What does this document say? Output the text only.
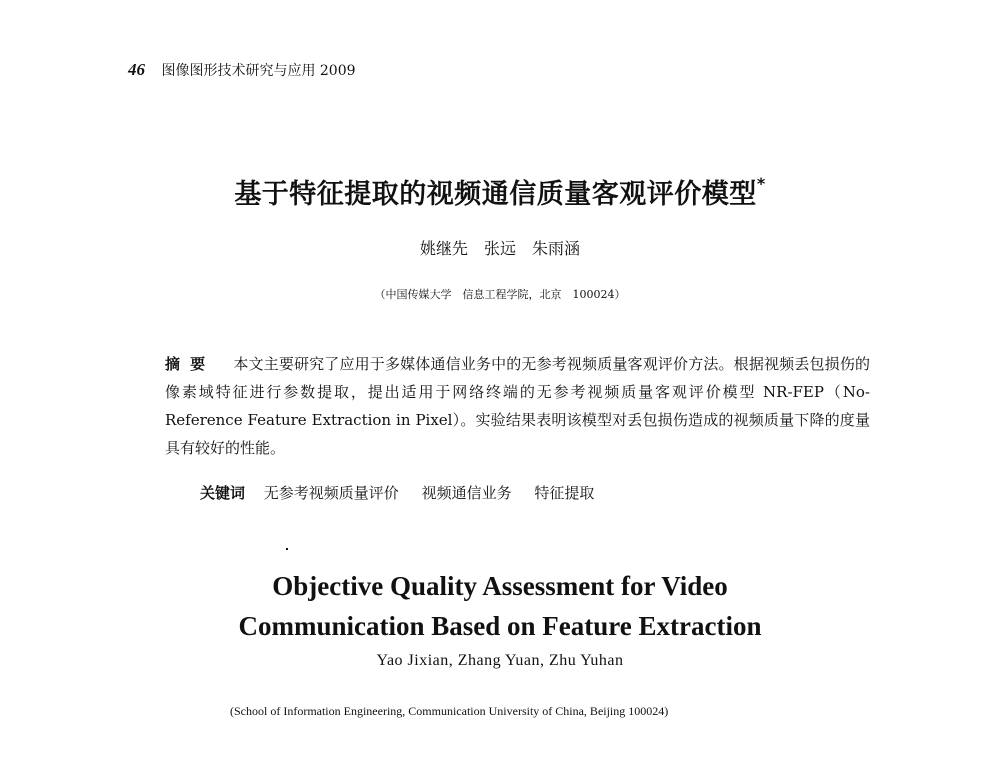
46 图像图形技术研究与应用 2009
基于特征提取的视频通信质量客观评价模型*
姚继先　张远　朱雨涵
（中国传媒大学　信息工程学院，北京　100024）
摘要 本文主要研究了应用于多媒体通信业务中的无参考视频质量客观评价方法。根据视频丢包损伤的像素域特征进行参数提取，提出适用于网络终端的无参考视频质量客观评价模型 NR-FEP（No-Reference Feature Extraction in Pixel）。实验结果表明该模型对丢包损伤造成的视频质量下降的度量具有较好的性能。
关键词 无参考视频质量评价 视频通信业务 特征提取
Objective Quality Assessment for Video
Communication Based on Feature Extraction
Yao Jixian, Zhang Yuan, Zhu Yuhan
(School of Information Engineering, Communication University of China, Beijing 100024)
